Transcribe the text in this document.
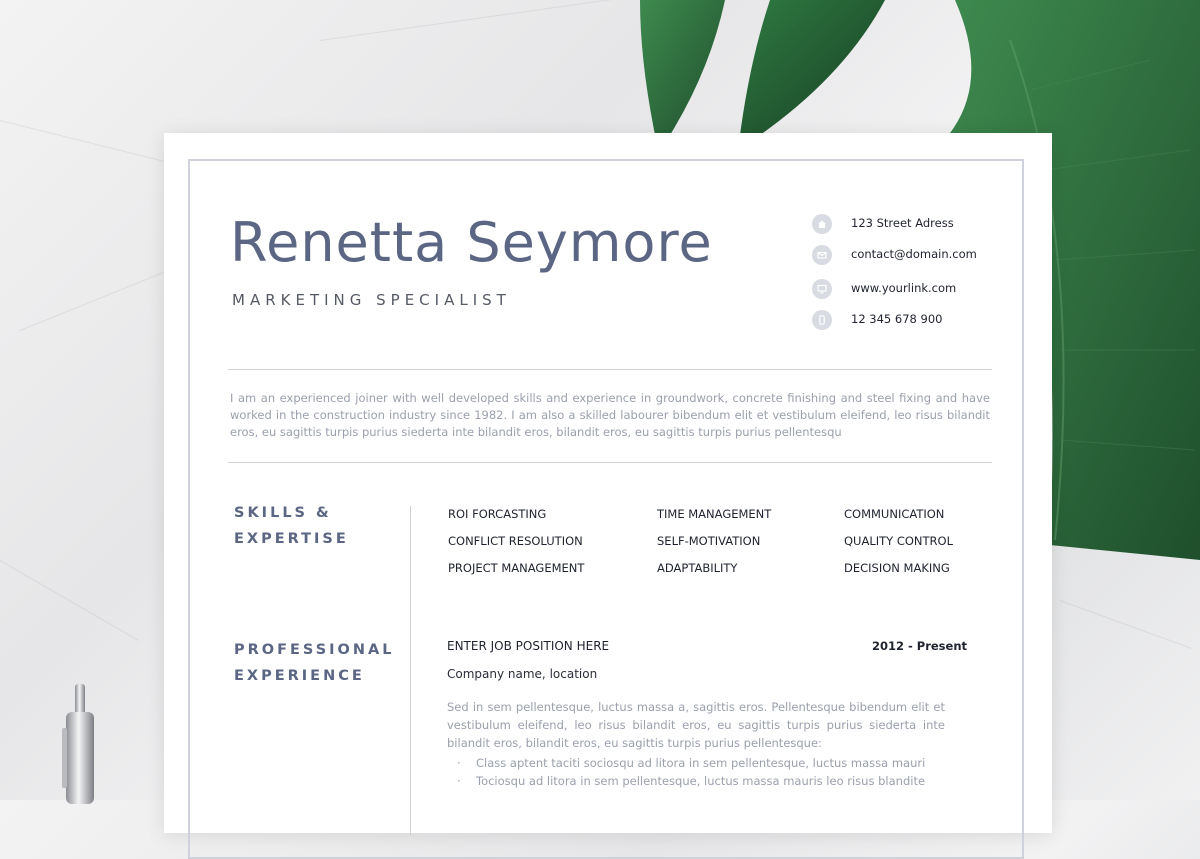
Renetta Seymore
MARKETING SPECIALIST
123 Street Adress
contact@domain.com
www.yourlink.com
12 345 678 900

I am an experienced joiner with well developed skills and experience in groundwork, concrete finishing and steel fixing and have worked in the construction industry since 1982. I am also a skilled labourer bibendum elit et vestibulum eleifend, leo risus bilandit eros, eu sagittis turpis purius siederta inte bilandit eros, bilandit eros, eu sagittis turpis purius pellentesqu

SKILLS &
EXPERTISE
ROI FORCASTING	TIME MANAGEMENT	COMMUNICATION
CONFLICT RESOLUTION	SELF-MOTIVATION	QUALITY CONTROL
PROJECT MANAGEMENT	ADAPTABILITY	DECISION MAKING
PROFESSIONAL
EXPERIENCE
ENTER JOB POSITION HERE	2012 - Present
Company name, location

Sed in sem pellentesque, luctus massa a, sagittis eros. Pellentesque bibendum elit et vestibulum eleifend, leo risus bilandit eros, eu sagittis turpis purius siederta inte bilandit eros, bilandit eros, eu sagittis turpis purius pellentesque:

· Class aptent taciti sociosqu ad litora in sem pellentesque, luctus massa mauri
· Tociosqu ad litora in sem pellentesque, luctus massa mauris leo risus blandite
